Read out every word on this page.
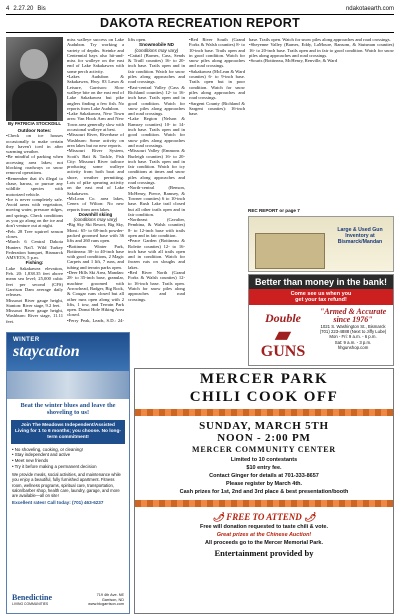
4 2.27.20 Bis	ndakotaearth.com
DAKOTA RECREATION REPORT
By PATRICIA STOCKDILL

Outdoor Notes:

•Check on ice houses occasionally to make certain they haven't iced in after warming weather.

•Be mindful of parking when accessing area lakes; not blocking roadways or snow removal operations.

•Remember that it's illegal to chase, harass, or pursue any wildlife species with motorized vehicle.

•Ice is never completely safe. Avoid areas with vegetation, moving water, pressure ridges, and springs. Check conditions as you go along on the ice and don't venture out at night.

•Feb. 28 Tree squirrel season closes.

•March 6 Central Dakota Hunters Nat'l. Wild Turkey Federation banquet, Bismarck AMVETS, 5 p.m.

Fishing:

Lake Sakakawea elevation, Feb. 20: 1,838.35 feet above mean sea level; 25,000 cubic feet per second (CFS) Garrison Dam average daily releases.

Missouri River gauge height, Stanton: River stage, 9.2 feet.

Missouri River gauge height, Washburn: River stage, 11.11 feet.

miss walleye success on Lake Audubon. Try working a variety of depths. Steinke and Centennial bays also hit-and-miss for walleye on the east end of Lake Sakakawea with some perch activity.

•Lakes Audubon & Sakakawea, Hwy. 83 Lawn & Leisure, Garrison: Slow walleye bite on the east end of Lake Sakakawea but pike anglers finding a few fish. No reports from Lake Audubon.

•Lake Sakakawea, New Town area: Van Hook Arm and New Town area generally slow with occasional walleye at best.

•Missouri River, Riverbase of Washburn: Some activity on area lakes but no new reports.

•Missouri River System, Scott's Bait & Tackle, Fish City: Missouri River tailrace producing some walleye activity from both boat and shore, weather permitting. Lots of pike spearing activity on the east end of Lake Sakakawea.

•McLean Co. area lakes, Cenex of Wilton: No new reports from area lakes.

Downhill skiing

(conditions may vary)

•Big Sky Ski Resort, Big Sky, Mont.: 65- to 68-inch powder-packed groomed base with 36 lifts and 260 runs open.

•Bottineau Winter Park, Bottineau: 30- to 40-inch base with good conditions, 2 Magic Carpets and 1 lift, 7 runs, and tubing and terrain parks open.

•Deer Hills Ski Area, Mandan: 28- to 35-inch base, granular, machine groomed with Arrowhead, Badger, Big Rock, & Cougar runs closed but all other runs open along with 2 lifts, 1 tow, and Terrain Park open. Donut Hole Hiking Area closed.

•Ferry Peak, Leads, S.D.: 24-

lifts open.

Snowmobile ND

(conditions may vary)

•Cattail (Barnes, Cass, Sends & Traill counties) 16- to 20-inch base. Trails open and in fair condition. Watch for snow piles along approaches and road crossings.

•East-central Valley (Cass & Richland counties) 12- to 16-inch base. Trails open and in good condition. Watch for snow piles along approaches and road crossings.

•Lake Region (Nelson & Ramsey counties) 10- to 14-inch base. Trails open and in good condition. Watch for snow piles along approaches and road crossings.

•Missouri Valley (Emmons & Burleigh counties) 16- to 20-inch base. Trails open and in fair condition. Watch for icy conditions at times and snow piles along approaches and road crossings.

•North-central (Benson, McHenry, Pierce, Ramsey, & Towner counties) 6 to 10-inch base. Rush Lake trail closed but all other trails open and in fair condition.

•Northeast (Cavalier, Pembina, & Walsh counties) 8- to 12-inch base with trails open and in fair condition.

•Peace Garden (Bottineau & Rolette counties) 12- to 16-inch base with all trails open and in condition. Watch for frozen ruts on sloughs and lakes.

•Red River North (Grand Forks & Walsh counties) 12- to 16-inch base. Trails open. Watch for snow piles along approaches and road crossings.

•Red River South (Grand Forks & Walsh counties) 8- to 10-inch base. Trails open and in good condition. Watch for snow piles along approaches and road crossings.

•Sakakawea (McLean & Ward counties) 6- to 9-inch base. Trails open but in poor condition. Watch for snow piles along approaches and road crossings.

•Sargent County (Richland & Sargent counties): 16-inch base.

base. Trails open. Watch for snow piles along approaches and road crossings.

•Sheyenne Valley (Barnes, Eddy, LaMoure, Ransom, & Stutsman counties) 16- to 20-inch base. Trails open and in fair to good condition. Watch for snow piles along approaches and road crossings.

•Souris (Bottineau, McHenry, Renville, & Ward

REC REPORT or page 7
Large & Used Gun Inventory at Bismarck/Mandan
Better than money in the bank!
Come see us when you
get your tax refund!
Double
▰
GUNS
"Armed & Accurate since 1976"
1021 S. Washington St., Bismarck
(701) 223-4888 (Next to Jiffy Lube)
Mon - Fri: 9 a.m. - 6 p.m.
Sat: 9 a.m. - 3 p.m.
hhgunshop.com
MERCER PARK
CHILI COOK OFF
SUNDAY, MARCH 5TH
NOON - 2:00 PM
MERCER COMMUNITY CENTER
Limited to 10 contestants
$10 entry fee.
Contact Ginger for details at 701-333-8657
Please register by March 4th.
Cash prizes for 1st, 2nd and 3rd place & best presentation/booth
🌶 FREE TO ATTEND 🌶
Free will donation requested to taste chili & vote.
Great prizes at the Chinese Auction!
All proceeds go to the Mercer Memorial Park.
Entertainment provided by
WINTER
staycation
Beat the winter blues and leave the shoveling to us!
Join The Meadows Independent/Assisted Living for 1 to 6 months; you choose. No long-term commitment!
• No shoveling, cooking, or cleaning!
• Stay independent and active
• Meet new friends
• Try it before making a permanent decision
We provide meals, social activities, and maintenance while you enjoy a beautiful, fully furnished apartment. Fitness room, wellness programs, spiritual care, transportation, salon/barber shop, health care, laundry, garage, and more are available—all on site!
Excellent rates! Call today: (701) 463-6237
Benedictine
LIVING COMMUNITIES
719 4th Ave. NE
Garrison, ND
www.blcgarrison.com
